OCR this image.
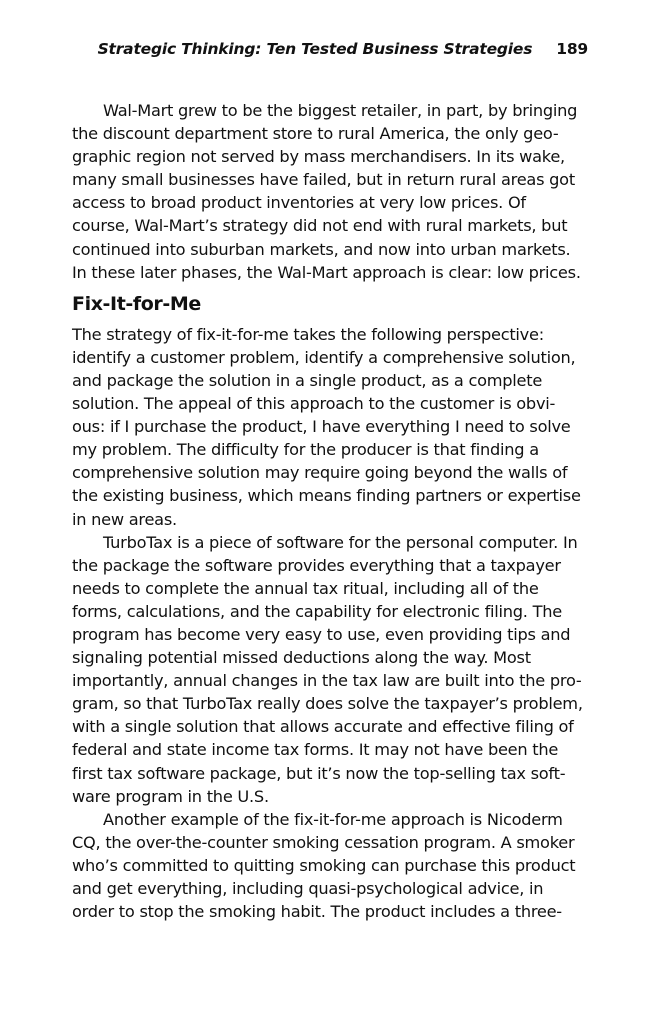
Strategic Thinking: Ten Tested Business Strategies 189
Wal-Mart grew to be the biggest retailer, in part, by bringing
the discount department store to rural America, the only geo-
graphic region not served by mass merchandisers. In its wake,
many small businesses have failed, but in return rural areas got
access to broad product inventories at very low prices. Of
course, Wal-Mart’s strategy did not end with rural markets, but
continued into suburban markets, and now into urban markets.
In these later phases, the Wal-Mart approach is clear: low prices.
Fix-It-for-Me
The strategy of fix-it-for-me takes the following perspective:
identify a customer problem, identify a comprehensive solution,
and package the solution in a single product, as a complete
solution. The appeal of this approach to the customer is obvi-
ous: if I purchase the product, I have everything I need to solve
my problem. The difficulty for the producer is that finding a
comprehensive solution may require going beyond the walls of
the existing business, which means finding partners or expertise
in new areas.
TurboTax is a piece of software for the personal computer. In
the package the software provides everything that a taxpayer
needs to complete the annual tax ritual, including all of the
forms, calculations, and the capability for electronic filing. The
program has become very easy to use, even providing tips and
signaling potential missed deductions along the way. Most
importantly, annual changes in the tax law are built into the pro-
gram, so that TurboTax really does solve the taxpayer’s problem,
with a single solution that allows accurate and effective filing of
federal and state income tax forms. It may not have been the
first tax software package, but it’s now the top-selling tax soft-
ware program in the U.S.
Another example of the fix-it-for-me approach is Nicoderm
CQ, the over-the-counter smoking cessation program. A smoker
who’s committed to quitting smoking can purchase this product
and get everything, including quasi-psychological advice, in
order to stop the smoking habit. The product includes a three-
